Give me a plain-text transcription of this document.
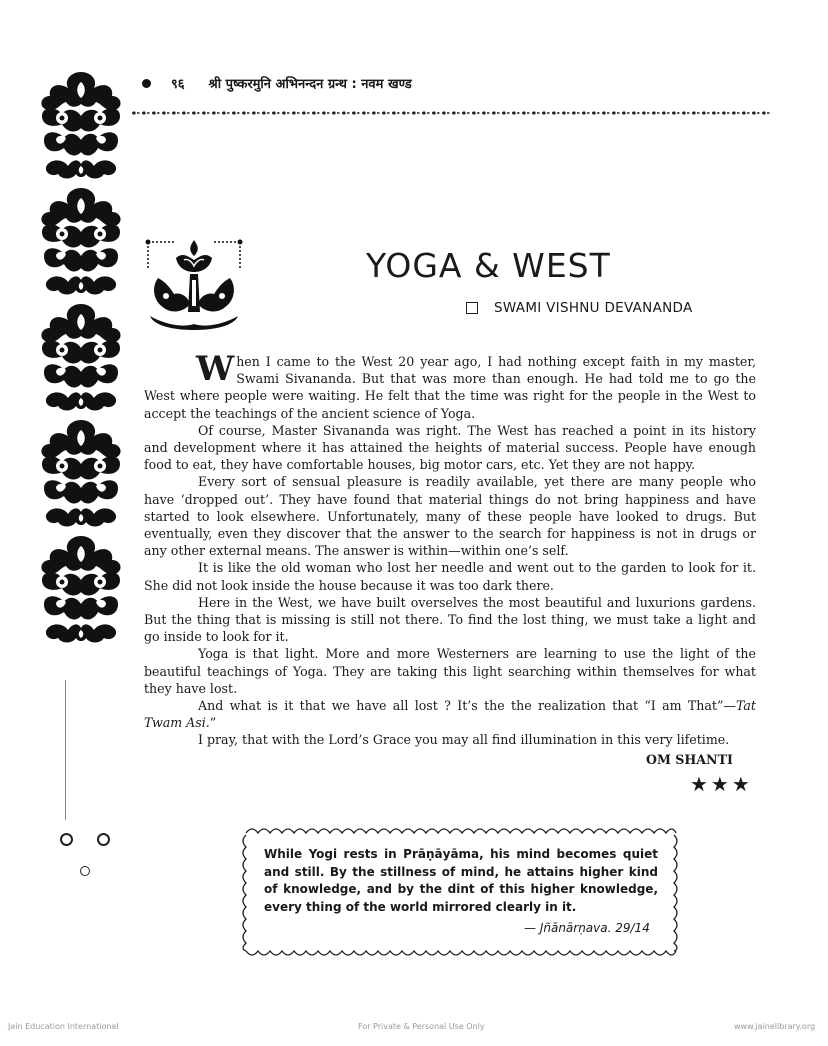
९६ श्री पुष्करमुनि अभिनन्दन ग्रन्थ : नवम खण्ड
YOGA & WEST
SWAMI VISHNU DEVANANDA

When I came to the West 20 year ago, I had nothing except faith in my master, Swami Sivananda. But that was more than enough. He had told me to go the West where people were waiting. He felt that the time was right for the people in the West to accept the teachings of the ancient science of Yoga.

Of course, Master Sivananda was right. The West has reached a point in its history and development where it has attained the heights of material success. People have enough food to eat, they have comfortable houses, big motor cars, etc. Yet they are not happy.

Every sort of sensual pleasure is readily available, yet there are many people who have ‘dropped out’. They have found that material things do not bring happiness and have started to look elsewhere. Unfortunately, many of these people have looked to drugs. But eventually, even they discover that the answer to the search for happiness is not in drugs or any other external means. The answer is within—within one’s self.

It is like the old woman who lost her needle and went out to the garden to look for it. She did not look inside the house because it was too dark there.

Here in the West, we have built overselves the most beautiful and luxurions gardens. But the thing that is missing is still not there. To find the lost thing, we must take a light and go inside to look for it.

Yoga is that light. More and more Westerners are learning to use the light of the beautiful teachings of Yoga. They are taking this light searching within themselves for what they have lost.

And what is it that we have all lost ? It’s the the realization that “I am That”—Tat Twam Asi.”

I pray, that with the Lord’s Grace you may all find illumination in this very lifetime.

OM SHANTI
★★★
While Yogi rests in Prāṇāyāma, his mind becomes quiet and still. By the stillness of mind, he attains higher kind of knowledge, and by the dint of this higher knowledge, every thing of the world mirrored clearly in it.
— Jñānārṇava. 29/14
Jain Education International	For Private & Personal Use Only	www.jainelibrary.org
